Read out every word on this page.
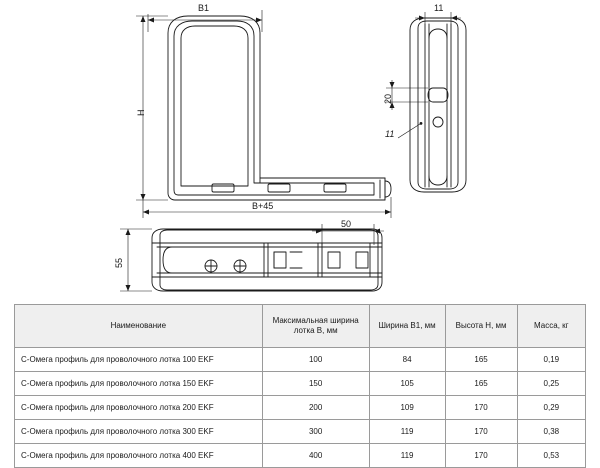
B1
H
B+45
11
20
11
50
55
Наименование	Максимальная ширина лотка B, мм	Ширина B1, мм	Высота H, мм	Масса, кг
С-Омега профиль для проволочного лотка 100 EKF	100	84	165	0,19
С-Омега профиль для проволочного лотка 150 EKF	150	105	165	0,25
С-Омега профиль для проволочного лотка 200 EKF	200	109	170	0,29
С-Омега профиль для проволочного лотка 300 EKF	300	119	170	0,38
С-Омега профиль для проволочного лотка 400 EKF	400	119	170	0,53
